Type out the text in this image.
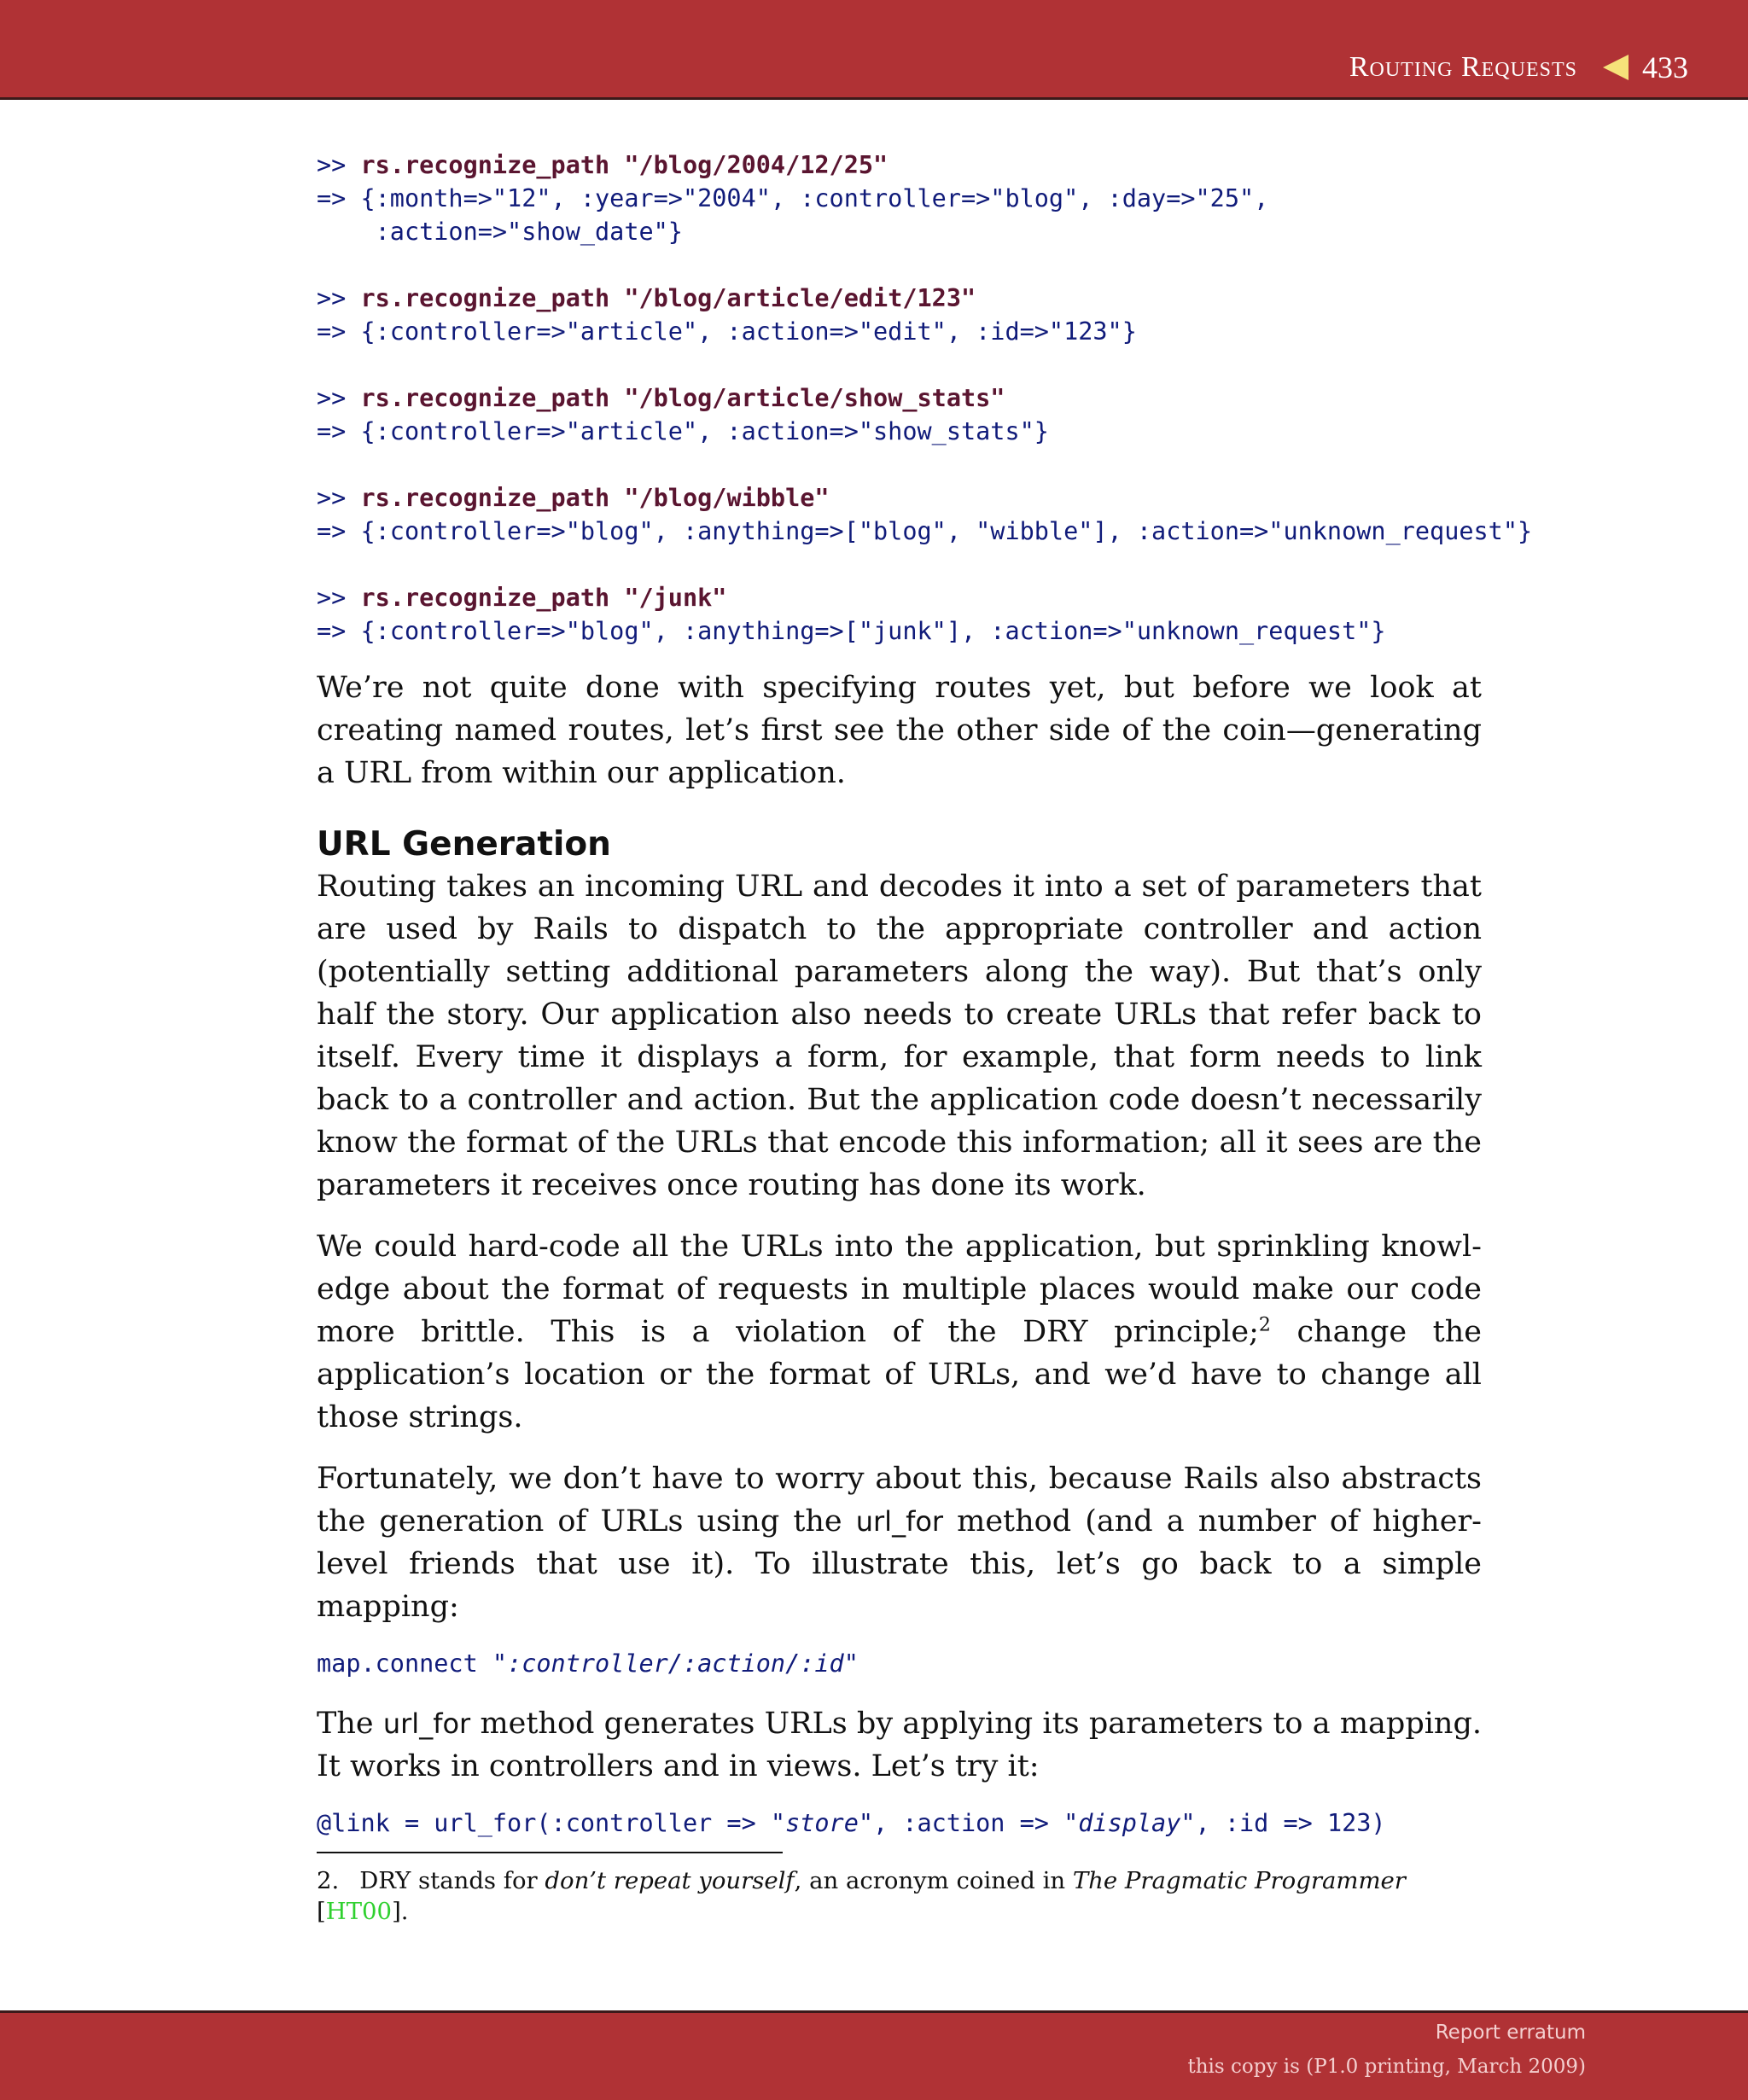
Routing Requests 433
>> rs.recognize_path "/blog/2004/12/25"
=> {:month=>"12", :year=>"2004", :controller=>"blog", :day=>"25",
:action=>"show_date"}
>> rs.recognize_path "/blog/article/edit/123"
=> {:controller=>"article", :action=>"edit", :id=>"123"}
>> rs.recognize_path "/blog/article/show_stats"
=> {:controller=>"article", :action=>"show_stats"}
>> rs.recognize_path "/blog/wibble"
=> {:controller=>"blog", :anything=>["blog", "wibble"], :action=>"unknown_request"}
>> rs.recognize_path "/junk"
=> {:controller=>"blog", :anything=>["junk"], :action=>"unknown_request"}

We’re not quite done with specifying routes yet, but before we look at creating named routes, let’s first see the other side of the coin—generating a URL from within our application.

URL Generation

Routing takes an incoming URL and decodes it into a set of parameters that are used by Rails to dispatch to the appropriate controller and action (potentially setting additional parameters along the way). But that’s only half the story. Our application also needs to create URLs that refer back to itself. Every time it displays a form, for example, that form needs to link back to a controller and action. But the application code doesn’t necessarily know the format of the URLs that encode this information; all it sees are the parameters it receives once routing has done its work.

We could hard-code all the URLs into the application, but sprinkling knowl-edge about the format of requests in multiple places would make our code more brittle. This is a violation of the DRY principle;$^2$ change the application’s location or the format of URLs, and we’d have to change all those strings.

Fortunately, we don’t have to worry about this, because Rails also abstracts the generation of URLs using the url_for method (and a number of higher-level friends that use it). To illustrate this, let’s go back to a simple mapping:

map.connect ":controller/:action/:id"

The url_for method generates URLs by applying its parameters to a mapping. It works in controllers and in views. Let’s try it:

@link = url_for(:controller => "store", :action => "display", :id => 123)
2. DRY stands for don’t repeat yourself, an acronym coined in The Pragmatic Programmer [HT00].
Report erratum
this copy is (P1.0 printing, March 2009)
